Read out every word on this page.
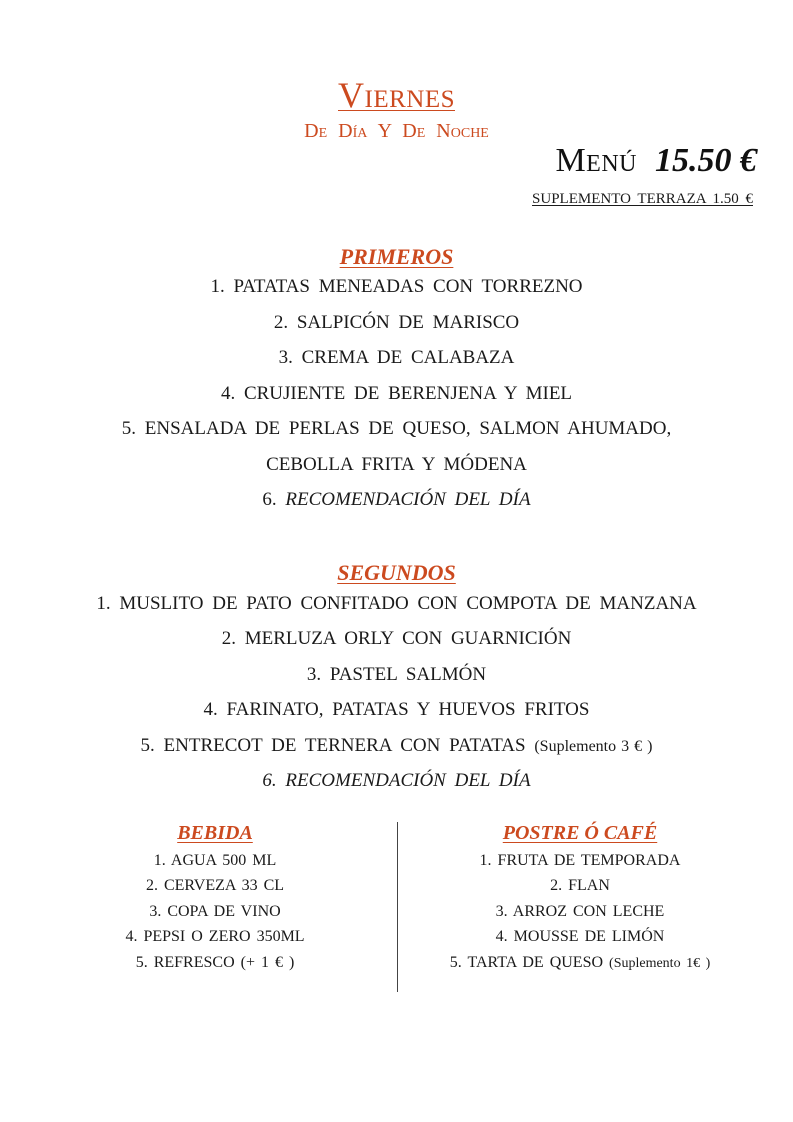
Viernes
De Día Y De Noche
Menú 15.50 €
SUPLEMENTO TERRAZA 1.50 €
PRIMEROS
1. PATATAS MENEADAS CON TORREZNO
2. SALPICÓN DE MARISCO
3. CREMA DE CALABAZA
4. CRUJIENTE DE BERENJENA Y MIEL
5. ENSALADA DE PERLAS DE QUESO, SALMON AHUMADO,
CEBOLLA FRITA Y MÓDENA
6. RECOMENDACIÓN DEL DÍA
SEGUNDOS
1. MUSLITO DE PATO CONFITADO CON COMPOTA DE MANZANA
2. MERLUZA ORLY CON GUARNICIÓN
3. PASTEL SALMÓN
4. FARINATO, PATATAS Y HUEVOS FRITOS
5. ENTRECOT DE TERNERA CON PATATAS (Suplemento 3 € )
6. RECOMENDACIÓN DEL DÍA
BEBIDA
1. AGUA 500 ML
2. CERVEZA 33 CL
3. COPA DE VINO
4. PEPSI O ZERO 350ML
5. REFRESCO (+ 1 € )
POSTRE Ó CAFÉ
1. FRUTA DE TEMPORADA
2. FLAN
3. ARROZ CON LECHE
4. MOUSSE DE LIMÓN
5. TARTA DE QUESO (Suplemento 1€ )
